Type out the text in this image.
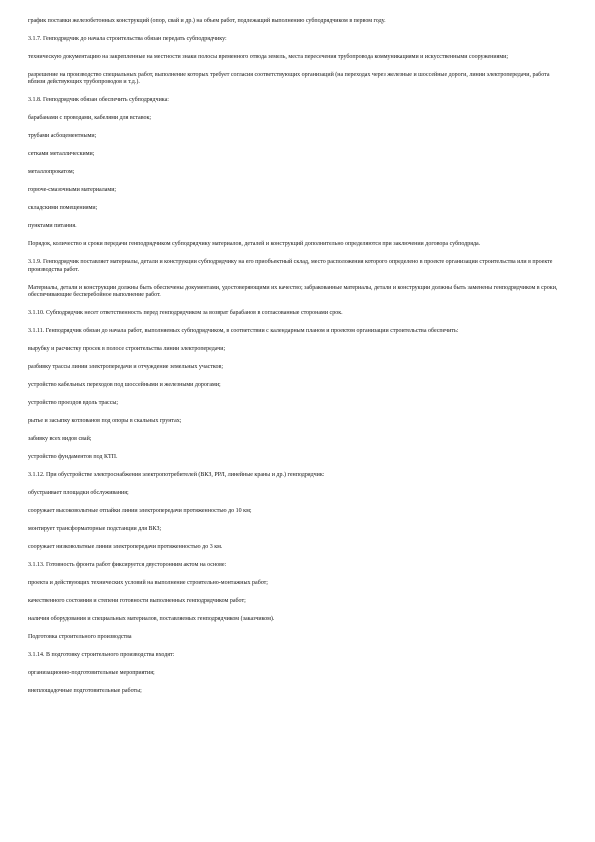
график поставки железобетонных конструкций (опор, свай и др.) на объем работ, подлежащий выполнению субподрядчиком в первом году.

3.1.7. Генподрядчик до начала строительства обязан передать субподрядчику:

техническую документацию на закрепленные на местности знаки полосы временного отвода земель, места пересечения трубопровода коммуникациями и искусственными сооружениями;

разрешение на производство специальных работ, выполнение которых требует согласия соответствующих организаций (на переходах через железные и шоссейные дороги, линии электропередачи, работа вблизи действующих трубопроводов и т.д.).

3.1.8. Генподрядчик обязан обеспечить субподрядчика:

барабанами с проводами, кабелями для вставок;

трубами асбоцементными;

сетками металлическими;

металлопрокатом;

горюче-смазочными материалами;

складскими помещениями;

пунктами питания.

Порядок, количество и сроки передачи генподрядчиком субподрядчику материалов, деталей и конструкций дополнительно определяются при заключении договора субподряда.

3.1.9. Генподрядчик поставляет материалы, детали и конструкции субподрядчику на его приобъектный склад, место расположения которого определено в проекте организации строительства или в проекте производства работ.

Материалы, детали и конструкции должны быть обеспечены документами, удостоверяющими их качество; забракованные материалы, детали и конструкции должны быть заменены генподрядчиком в сроки, обеспечивающие бесперебойное выполнение работ.

3.1.10. Субподрядчик несет ответственность перед генподрядчиком за возврат барабанов в согласованные сторонами срок.

3.1.11. Генподрядчик обязан до начала работ, выполняемых субподрядчиком, в соответствии с календарным планом и проектом организации строительства обеспечить:

вырубку и расчистку просек в полосе строительства линии электропередачи;

разбивку трассы линии электропередачи и отчуждение земельных участков;

устройство кабельных переходов под шоссейными и железными дорогами;

устройство проездов вдоль трассы;

рытье и засыпку котлованов под опоры в скальных грунтах;

забивку всех видов свай;

устройство фундаментов под КТП.

3.1.12. При обустройстве электроснабжения электропотребителей (ВКЗ, РРЛ, линейные краны и др.) генподрядчик:

обустраивает площадки обслуживания;

сооружает высоковольтные отпайки линии электропередачи протяженностью до 10 км;

монтирует трансформаторные подстанции для ВКЗ;

сооружает низковольтные линии электропередачи протяженностью до 3 км.

3.1.13. Готовность фронта работ фиксируется двусторонним актом на основе:

проекта и действующих технических условий на выполнение строительно-монтажных работ;

качественного состояния и степени готовности выполненных генподрядчиком работ;

наличия оборудования и специальных материалов, поставляемых генподрядчиком (заказчиком).

Подготовка строительного производства

3.1.14. В подготовку строительного производства входят:

организационно-подготовительные мероприятия;

внеплощадочные подготовительные работы;
